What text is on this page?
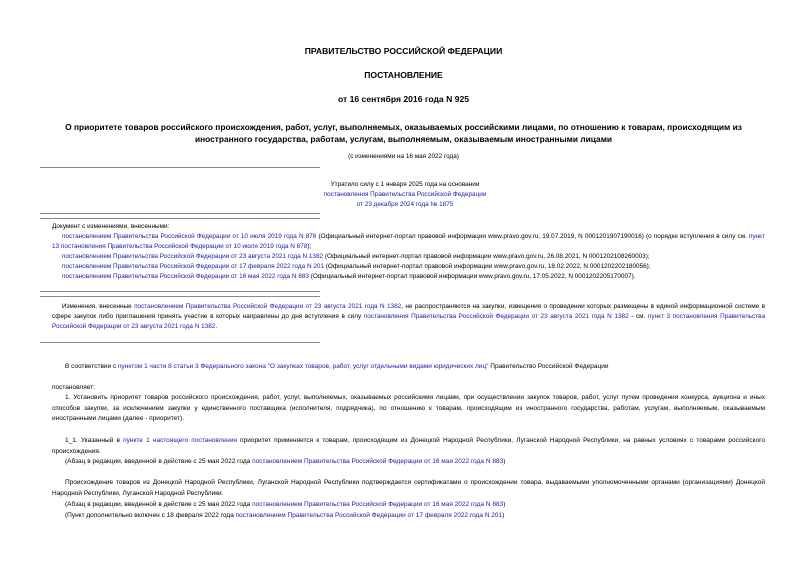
ПРАВИТЕЛЬСТВО РОССИЙСКОЙ ФЕДЕРАЦИИ
ПОСТАНОВЛЕНИЕ
от 16 сентября 2016 года N 925
О приоритете товаров российского происхождения, работ, услуг, выполняемых, оказываемых российскими лицами, по отношению к товарам, происходящим из иностранного государства, работам, услугам, выполняемым, оказываемым иностранными лицами
(с изменениями на 16 мая 2022 года)
Утратило силу с 1 января 2025 года на основании
постановления Правительства Российской Федерации
от 23 декабря 2024 года № 1875
Документ с изменениями, внесенными:

постановлением Правительства Российской Федерации от 10 июля 2019 года N 878 (Официальный интернет-портал правовой информации www.pravo.gov.ru, 19.07.2019, N 0001201907190016) (о порядке вступления в силу см. пункт 13 постановления Правительства Российской Федерации от 10 июля 2019 года N 878);

постановлением Правительства Российской Федерации от 23 августа 2021 года N 1382 (Официальный интернет-портал правовой информации www.pravo.gov.ru, 26.08.2021, N 0001202108260003);

постановлением Правительства Российской Федерации от 17 февраля 2022 года N 201 (Официальный интернет-портал правовой информации www.pravo.gov.ru, 18.02.2022, N 0001202202180056);

постановлением Правительства Российской Федерации от 16 мая 2022 года N 883 (Официальный интернет-портал правовой информации www.pravo.gov.ru, 17.05.2022, N 0001202205170007).

Изменения, внесенные постановлением Правительства Российской Федерации от 23 августа 2021 года N 1382, не распространяются на закупки, извещения о проведении которых размещены в единой информационной системе в сфере закупок либо приглашения принять участие в которых направлены до дня вступления в силу постановления Правительства Российской Федерации от 23 августа 2021 года N 1382 - см. пункт 3 постановления Правительства Российской Федерации от 23 августа 2021 года N 1382.

В соответствии с пунктом 1 части 8 статьи 3 Федерального закона "О закупках товаров, работ, услуг отдельными видами юридических лиц" Правительство Российской Федерации

постановляет:

1. Установить приоритет товаров российского происхождения, работ, услуг, выполняемых, оказываемых российскими лицами, при осуществлении закупок товаров, работ, услуг путем проведения конкурса, аукциона и иных способов закупки, за исключением закупки у единственного поставщика (исполнителя, подрядчика), по отношению к товарам, происходящим из иностранного государства, работам, услугам, выполняемым, оказываемым иностранными лицами (далее - приоритет).

1_1. Указанный в пункте 1 настоящего постановления приоритет применяется к товарам, происходящим из Донецкой Народной Республики, Луганской Народной Республики, на равных условиях с товарами российского происхождения.

(Абзац в редакции, введенной в действие с 25 мая 2022 года постановлением Правительства Российской Федерации от 16 мая 2022 года N 883)

Происхождение товаров из Донецкой Народной Республики, Луганской Народной Республики подтверждается сертификатами о происхождении товара, выдаваемыми уполномоченными органами (организациями) Донецкой Народной Республики, Луганской Народной Республики.

(Абзац в редакции, введенной в действие с 25 мая 2022 года постановлением Правительства Российской Федерации от 16 мая 2022 года N 883)

(Пункт дополнительно включен с 18 февраля 2022 года постановлением Правительства Российской Федерации от 17 февраля 2022 года N 201)
